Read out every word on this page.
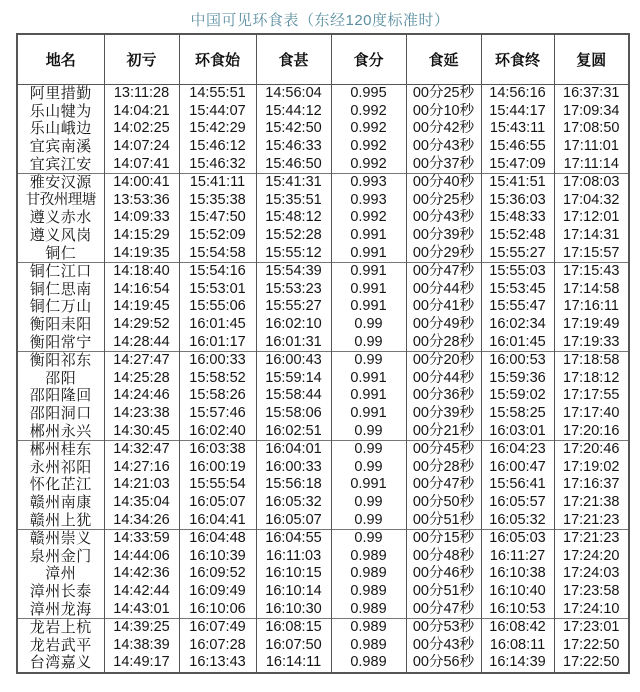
中国可见环食表（东经120度标准时）
地名	初亏	环食始	食甚	食分	食延	环食终	复圆
阿里措勤	13:11:28	14:55:51	14:56:04	0.995	00分25秒	14:56:16	16:37:31
乐山犍为	14:04:21	15:44:07	15:44:12	0.992	00分10秒	15:44:17	17:09:34
乐山峨边	14:02:25	15:42:29	15:42:50	0.992	00分42秒	15:43:11	17:08:50
宜宾南溪	14:07:24	15:46:12	15:46:33	0.992	00分43秒	15:46:55	17:11:01
宜宾江安	14:07:41	15:46:32	15:46:50	0.992	00分37秒	15:47:09	17:11:14
雅安汉源	14:00:41	15:41:11	15:41:31	0.993	00分40秒	15:41:51	17:08:03
甘孜州理塘	13:53:36	15:35:38	15:35:51	0.993	00分25秒	15:36:03	17:04:32
遵义赤水	14:09:33	15:47:50	15:48:12	0.992	00分43秒	15:48:33	17:12:01
遵义风岗	14:15:29	15:52:09	15:52:28	0.991	00分39秒	15:52:48	17:14:31
铜仁	14:19:35	15:54:58	15:55:12	0.991	00分29秒	15:55:27	17:15:57
铜仁江口	14:18:40	15:54:16	15:54:39	0.991	00分47秒	15:55:03	17:15:43
铜仁思南	14:16:54	15:53:01	15:53:23	0.991	00分44秒	15:53:45	17:14:58
铜仁万山	14:19:45	15:55:06	15:55:27	0.991	00分41秒	15:55:47	17:16:11
衡阳耒阳	14:29:52	16:01:45	16:02:10	0.99	00分49秒	16:02:34	17:19:49
衡阳常宁	14:28:44	16:01:17	16:01:31	0.99	00分28秒	16:01:45	17:19:33
衡阳祁东	14:27:47	16:00:33	16:00:43	0.99	00分20秒	16:00:53	17:18:58
邵阳	14:25:28	15:58:52	15:59:14	0.991	00分44秒	15:59:36	17:18:12
邵阳隆回	14:24:46	15:58:26	15:58:44	0.991	00分36秒	15:59:02	17:17:55
邵阳洞口	14:23:38	15:57:46	15:58:06	0.991	00分39秒	15:58:25	17:17:40
郴州永兴	14:30:45	16:02:40	16:02:51	0.99	00分21秒	16:03:01	17:20:16
郴州桂东	14:32:47	16:03:38	16:04:01	0.99	00分45秒	16:04:23	17:20:46
永州祁阳	14:27:16	16:00:19	16:00:33	0.99	00分28秒	16:00:47	17:19:02
怀化芷江	14:21:03	15:55:54	15:56:18	0.991	00分47秒	15:56:41	17:16:37
赣州南康	14:35:04	16:05:07	16:05:32	0.99	00分50秒	16:05:57	17:21:38
赣州上犹	14:34:26	16:04:41	16:05:07	0.99	00分51秒	16:05:32	17:21:23
赣州崇义	14:33:59	16:04:48	16:04:55	0.99	00分15秒	16:05:03	17:21:23
泉州金门	14:44:06	16:10:39	16:11:03	0.989	00分48秒	16:11:27	17:24:20
漳州	14:42:36	16:09:52	16:10:15	0.989	00分46秒	16:10:38	17:24:03
漳州长泰	14:42:44	16:09:49	16:10:14	0.989	00分51秒	16:10:40	17:23:58
漳州龙海	14:43:01	16:10:06	16:10:30	0.989	00分47秒	16:10:53	17:24:10
龙岩上杭	14:39:25	16:07:49	16:08:15	0.989	00分53秒	16:08:42	17:23:01
龙岩武平	14:38:39	16:07:28	16:07:50	0.989	00分43秒	16:08:11	17:22:50
台湾嘉义	14:49:17	16:13:43	16:14:11	0.989	00分56秒	16:14:39	17:22:50
